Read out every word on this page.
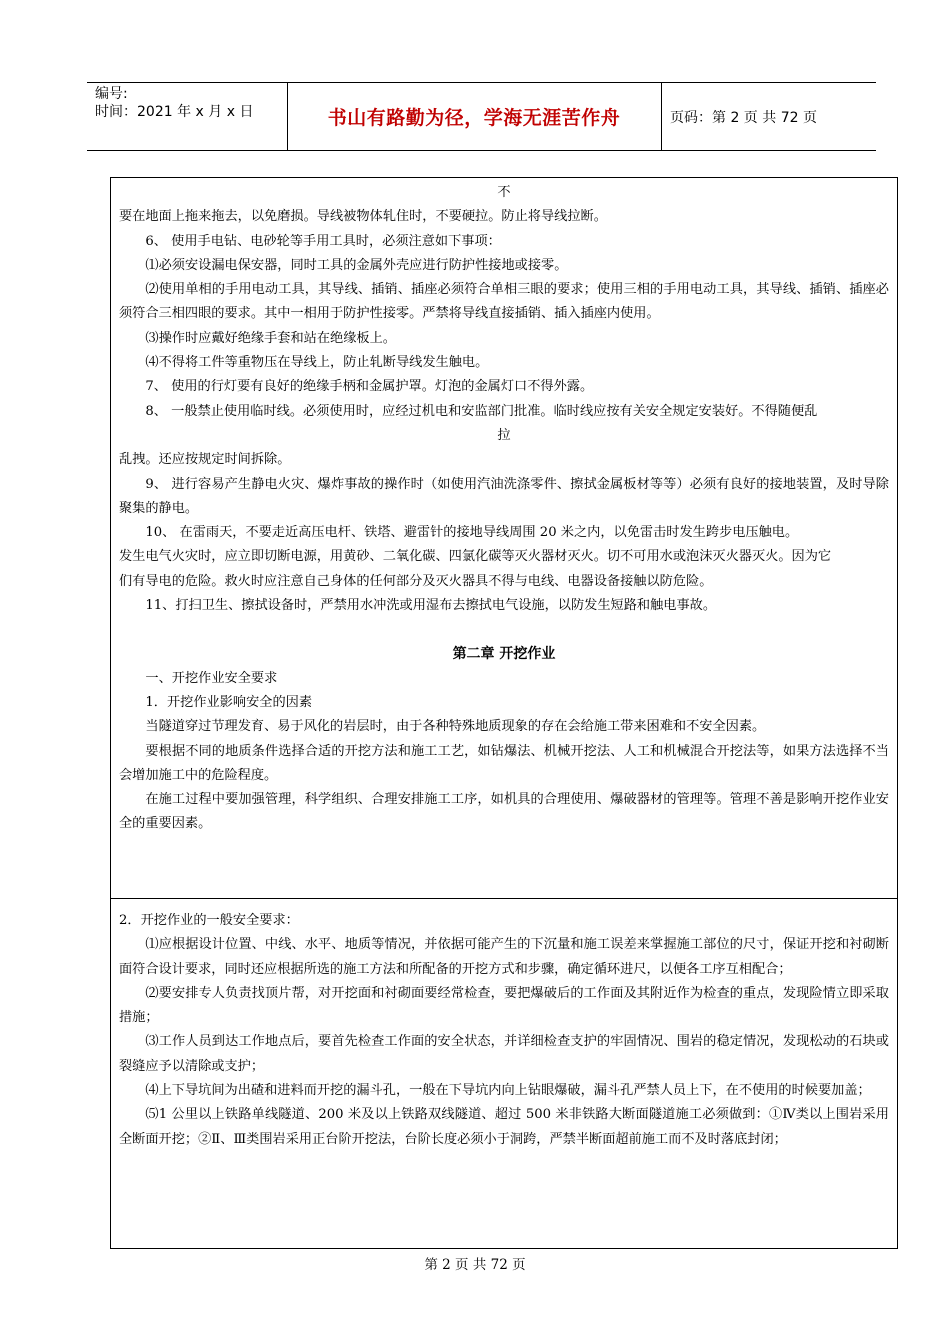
编号:
时间：2021 年 x 月 x 日	书山有路勤为径，学海无涯苦作舟	页码：第 2 页 共 72 页

不

要在地面上拖来拖去，以免磨损。导线被物体轧住时，不要硬拉。防止将导线拉断。

6、 使用手电钻、电砂轮等手用工具时，必须注意如下事项：

⑴必须安设漏电保安器，同时工具的金属外壳应进行防护性接地或接零。

⑵使用单相的手用电动工具，其导线、插销、插座必须符合单相三眼的要求；使用三相的手用电动工具，其导线、插销、插座必须符合三相四眼的要求。其中一相用于防护性接零。严禁将导线直接插销、插入插座内使用。

⑶操作时应戴好绝缘手套和站在绝缘板上。

⑷不得将工件等重物压在导线上，防止轧断导线发生触电。

7、 使用的行灯要有良好的绝缘手柄和金属护罩。灯泡的金属灯口不得外露。

8、 一般禁止使用临时线。必须使用时，应经过机电和安监部门批准。临时线应按有关安全规定安装好。不得随便乱

拉

乱拽。还应按规定时间拆除。

9、 进行容易产生静电火灾、爆炸事故的操作时（如使用汽油洗涤零件、擦拭金属板材等等）必须有良好的接地装置，及时导除聚集的静电。

10、 在雷雨天，不要走近高压电杆、铁塔、避雷针的接地导线周围 20 米之内，以免雷击时发生跨步电压触电。

发生电气火灾时，应立即切断电源，用黄砂、二氧化碳、四氯化碳等灭火器材灭火。切不可用水或泡沫灭火器灭火。因为它

们有导电的危险。救火时应注意自己身体的任何部分及灭火器具不得与电线、电器设备接触以防危险。

11、打扫卫生、擦拭设备时，严禁用水冲洗或用湿布去擦拭电气设施，以防发生短路和触电事故。

第二章 开挖作业

一、开挖作业安全要求

1．开挖作业影响安全的因素

当隧道穿过节理发育、易于风化的岩层时，由于各种特殊地质现象的存在会给施工带来困难和不安全因素。

要根据不同的地质条件选择合适的开挖方法和施工工艺，如钻爆法、机械开挖法、人工和机械混合开挖法等，如果方法选择不当会增加施工中的危险程度。

在施工过程中要加强管理，科学组织、合理安排施工工序，如机具的合理使用、爆破器材的管理等。管理不善是影响开挖作业安全的重要因素。

2．开挖作业的一般安全要求：

⑴应根据设计位置、中线、水平、地质等情况，并依据可能产生的下沉量和施工误差来掌握施工部位的尺寸，保证开挖和衬砌断面符合设计要求，同时还应根据所选的施工方法和所配备的开挖方式和步骤，确定循环进尺，以便各工序互相配合；

⑵要安排专人负责找顶片帮，对开挖面和衬砌面要经常检查，要把爆破后的工作面及其附近作为检查的重点，发现险情立即采取措施；

⑶工作人员到达工作地点后，要首先检查工作面的安全状态，并详细检查支护的牢固情况、围岩的稳定情况，发现松动的石块或裂缝应予以清除或支护；

⑷上下导坑间为出碴和进料而开挖的漏斗孔，一般在下导坑内向上钻眼爆破，漏斗孔严禁人员上下，在不使用的时候要加盖；

⑸1 公里以上铁路单线隧道、200 米及以上铁路双线隧道、超过 500 米非铁路大断面隧道施工必须做到：①Ⅳ类以上围岩采用全断面开挖；②Ⅱ、Ⅲ类围岩采用正台阶开挖法，台阶长度必须小于洞跨，严禁半断面超前施工而不及时落底封闭；

第 2 页 共 72 页
